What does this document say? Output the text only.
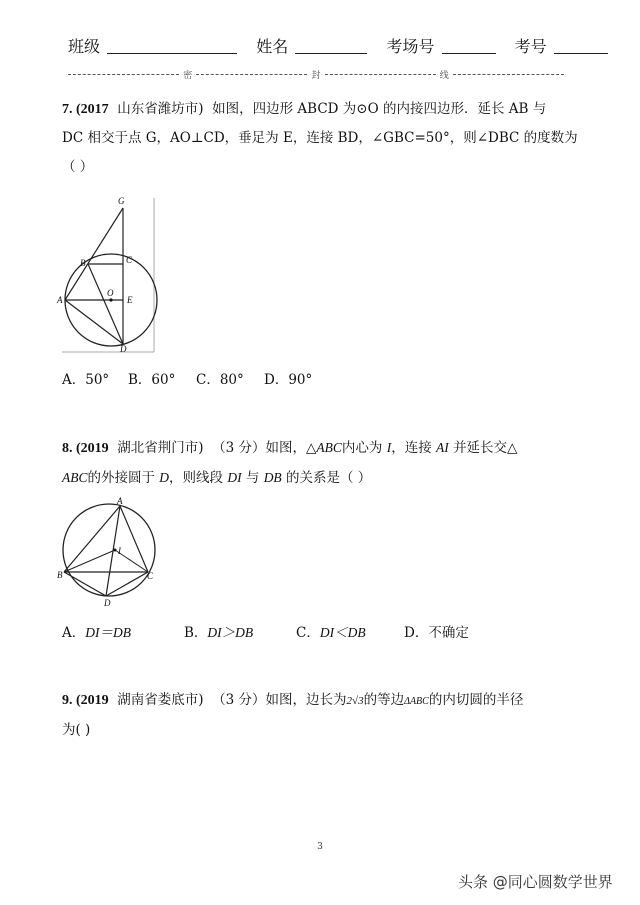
班级	姓名	考场号	考号
密	封	线
7. (2017 山东省潍坊市) 如图，四边形 ABCD 为⊙O 的内接四边形．延长 AB 与
DC 相交于点 G，AO⊥CD，垂足为 E，连接 BD，∠GBC=50°，则∠DBC 的度数为
（ ）
G
B	C
A
O
E
D
A．50° B．60° C．80° D．90°
8. (2019 湖北省荆门市) （3 分）如图，△ABC内心为 I，连接 AI 并延长交△
ABC的外接圆于 D，则线段 DI 与 DB 的关系是（ ）
A
B	C
I
D
A．DI＝DB	B．DI＞DB	C．DI＜DB	D．不确定
9. (2019 湖南省娄底市) （3 分）如图，边长为2√3的等边ΔABC的内切圆的半径
为( )
3
头条 @同心圆数学世界
